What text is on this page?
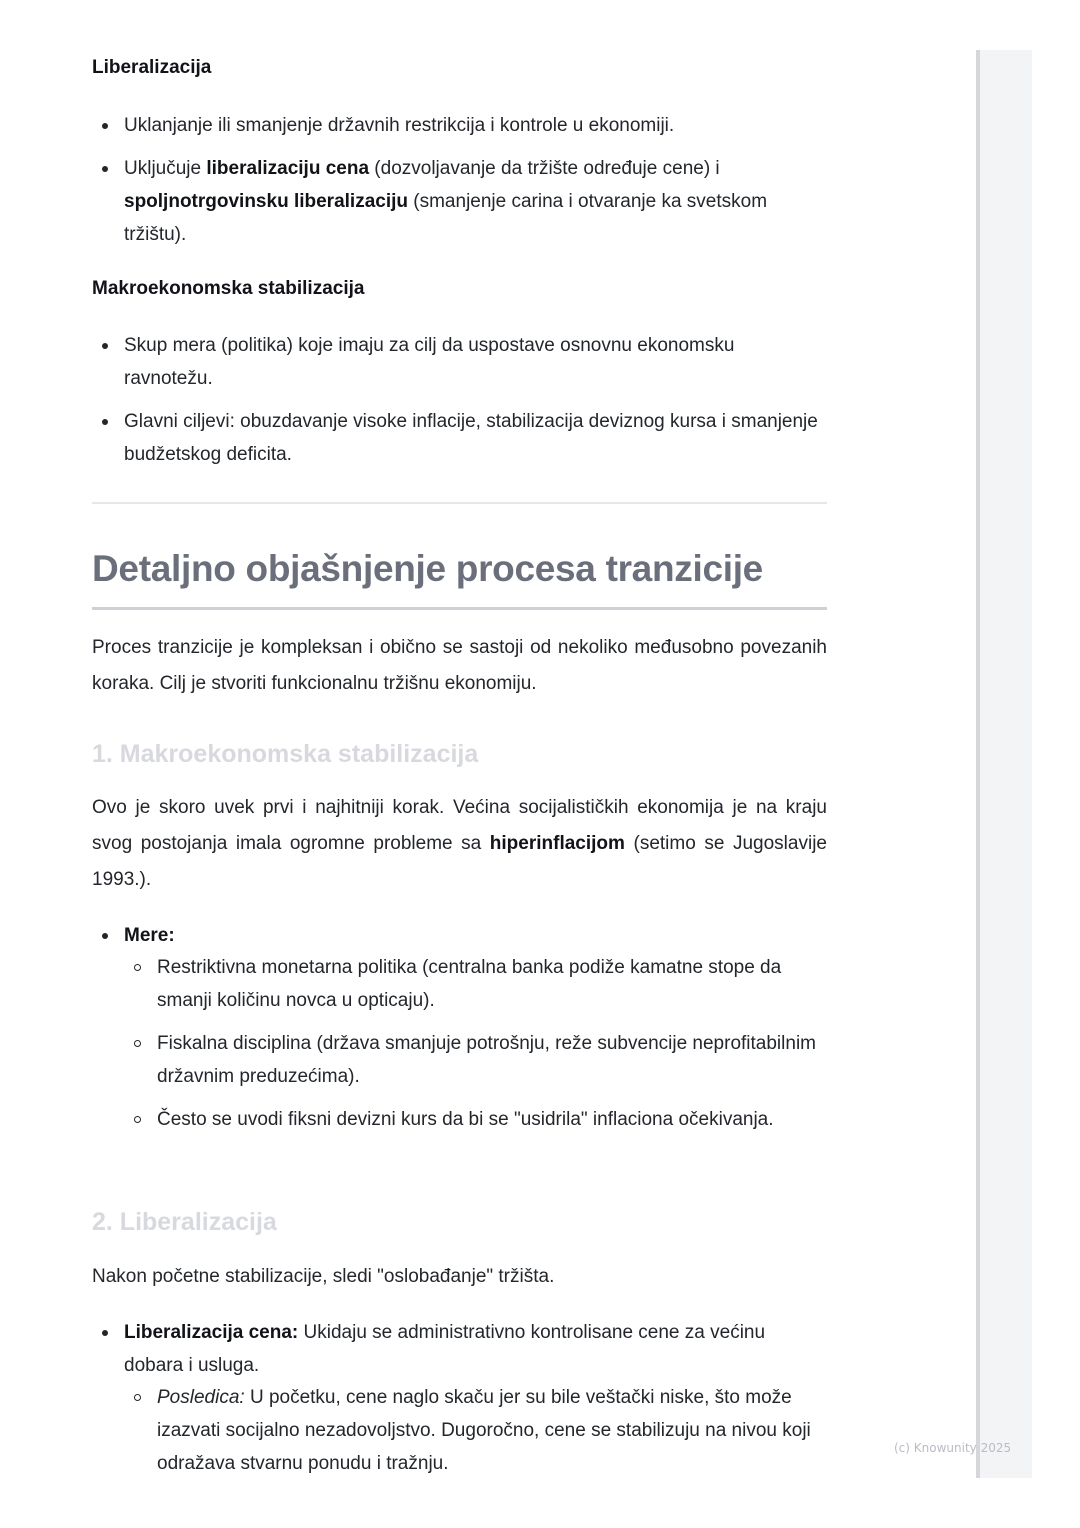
Liberalizacija
Uklanjanje ili smanjenje državnih restrikcija i kontrole u ekonomiji.
Uključuje liberalizaciju cena (dozvoljavanje da tržište određuje cene) i spoljnotrgovinsku liberalizaciju (smanjenje carina i otvaranje ka svetskom tržištu).
Makroekonomska stabilizacija
Skup mera (politika) koje imaju za cilj da uspostave osnovnu ekonomsku ravnotežu.
Glavni ciljevi: obuzdavanje visoke inflacije, stabilizacija deviznog kursa i smanjenje budžetskog deficita.
Detaljno objašnjenje procesa tranzicije

Proces tranzicije je kompleksan i obično se sastoji od nekoliko međusobno povezanih koraka. Cilj je stvoriti funkcionalnu tržišnu ekonomiju.

1. Makroekonomska stabilizacija

Ovo je skoro uvek prvi i najhitniji korak. Većina socijalističkih ekonomija je na kraju svog postojanja imala ogromne probleme sa hiperinflacijom (setimo se Jugoslavije 1993.).

Mere:
Restriktivna monetarna politika (centralna banka podiže kamatne stope da smanji količinu novca u opticaju).
Fiskalna disciplina (država smanjuje potrošnju, reže subvencije neprofitabilnim državnim preduzećima).
Često se uvodi fiksni devizni kurs da bi se "usidrila" inflaciona očekivanja.
2. Liberalizacija

Nakon početne stabilizacije, sledi "oslobađanje" tržišta.

Liberalizacija cena: Ukidaju se administrativno kontrolisane cene za većinu dobara i usluga.
Posledica: U početku, cene naglo skaču jer su bile veštački niske, što može izazvati socijalno nezadovoljstvo. Dugoročno, cene se stabilizuju na nivou koji odražava stvarnu ponudu i tražnju.
(c) Knowunity 2025
